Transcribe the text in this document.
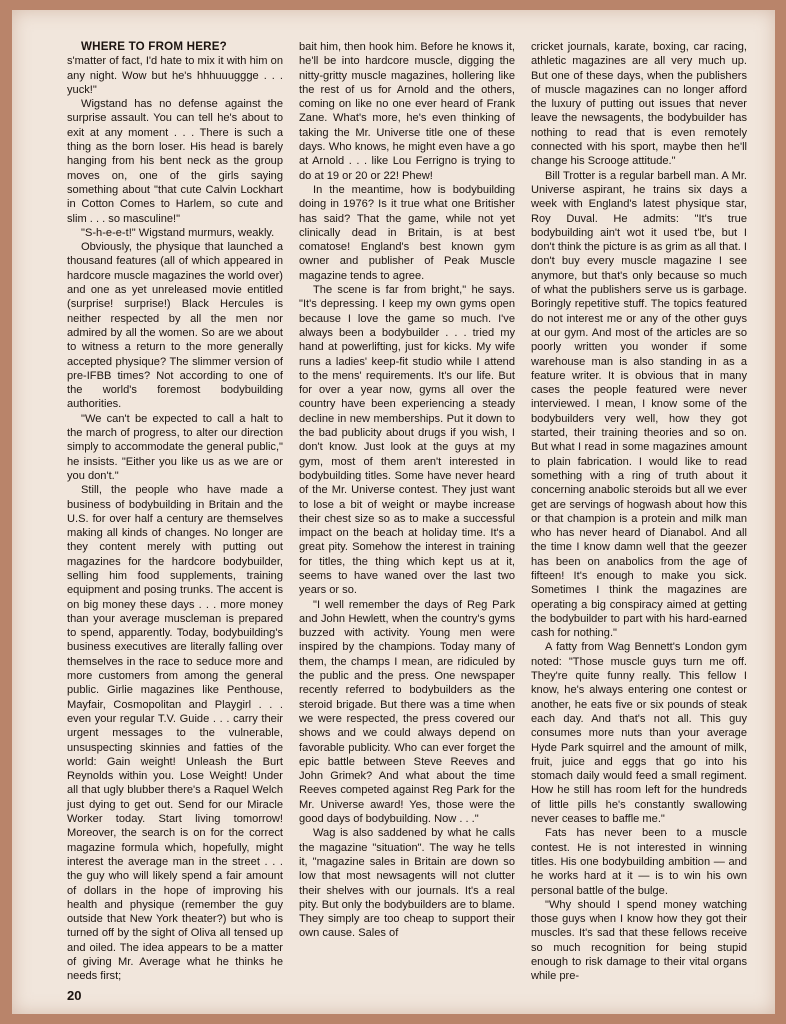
WHERE TO FROM HERE?

s'matter of fact, I'd hate to mix it with him on any night. Wow but he's hhhuuuggge . . . yuck!"

Wigstand has no defense against the surprise assault. You can tell he's about to exit at any moment . . . There is such a thing as the born loser. His head is barely hanging from his bent neck as the group moves on, one of the girls saying something about "that cute Calvin Lockhart in Cotton Comes to Harlem, so cute and slim . . . so masculine!"

"S-h-e-e-t!" Wigstand murmurs, weakly.

Obviously, the physique that launched a thousand features (all of which appeared in hardcore muscle magazines the world over) and one as yet unreleased movie entitled (surprise! surprise!) Black Hercules is neither respected by all the men nor admired by all the women. So are we about to witness a return to the more generally accepted physique? The slimmer version of pre-IFBB times? Not according to one of the world's foremost bodybuilding authorities.

"We can't be expected to call a halt to the march of progress, to alter our direction simply to accommodate the general public," he insists. "Either you like us as we are or you don't."

Still, the people who have made a business of bodybuilding in Britain and the U.S. for over half a century are themselves making all kinds of changes. No longer are they content merely with putting out magazines for the hardcore bodybuilder, selling him food supplements, training equipment and posing trunks. The accent is on big money these days . . . more money than your average muscleman is prepared to spend, apparently. Today, bodybuilding's business executives are literally falling over themselves in the race to seduce more and more customers from among the general public. Girlie magazines like Penthouse, Mayfair, Cosmopolitan and Playgirl . . . even your regular T.V. Guide . . . carry their urgent messages to the vulnerable, unsuspecting skinnies and fatties of the world: Gain weight! Unleash the Burt Reynolds within you. Lose Weight! Under all that ugly blubber there's a Raquel Welch just dying to get out. Send for our Miracle Worker today. Start living tomorrow! Moreover, the search is on for the correct magazine formula which, hopefully, might interest the average man in the street . . . the guy who will likely spend a fair amount of dollars in the hope of improving his health and physique (remember the guy outside that New York theater?) but who is turned off by the sight of Oliva all tensed up and oiled. The idea appears to be a matter of giving Mr. Average what he thinks he needs first;

bait him, then hook him. Before he knows it, he'll be into hardcore muscle, digging the nitty-gritty muscle magazines, hollering like the rest of us for Arnold and the others, coming on like no one ever heard of Frank Zane. What's more, he's even thinking of taking the Mr. Universe title one of these days. Who knows, he might even have a go at Arnold . . . like Lou Ferrigno is trying to do at 19 or 20 or 22! Phew!

In the meantime, how is bodybuilding doing in 1976? Is it true what one Britisher has said? That the game, while not yet clinically dead in Britain, is at best comatose! England's best known gym owner and publisher of Peak Muscle magazine tends to agree.

The scene is far from bright," he says. "It's depressing. I keep my own gyms open because I love the game so much. I've always been a bodybuilder . . . tried my hand at powerlifting, just for kicks. My wife runs a ladies' keep-fit studio while I attend to the mens' requirements. It's our life. But for over a year now, gyms all over the country have been experiencing a steady decline in new memberships. Put it down to the bad publicity about drugs if you wish, I don't know. Just look at the guys at my gym, most of them aren't interested in bodybuilding titles. Some have never heard of the Mr. Universe contest. They just want to lose a bit of weight or maybe increase their chest size so as to make a successful impact on the beach at holiday time. It's a great pity. Somehow the interest in training for titles, the thing which kept us at it, seems to have waned over the last two years or so.

"I well remember the days of Reg Park and John Hewlett, when the country's gyms buzzed with activity. Young men were inspired by the champions. Today many of them, the champs I mean, are ridiculed by the public and the press. One newspaper recently referred to bodybuilders as the steroid brigade. But there was a time when we were respected, the press covered our shows and we could always depend on favorable publicity. Who can ever forget the epic battle between Steve Reeves and John Grimek? And what about the time Reeves competed against Reg Park for the Mr. Universe award! Yes, those were the good days of bodybuilding. Now . . ."

Wag is also saddened by what he calls the magazine "situation". The way he tells it, "magazine sales in Britain are down so low that most newsagents will not clutter their shelves with our journals. It's a real pity. But only the bodybuilders are to blame. They simply are too cheap to support their own cause. Sales of

cricket journals, karate, boxing, car racing, athletic magazines are all very much up. But one of these days, when the publishers of muscle magazines can no longer afford the luxury of putting out issues that never leave the newsagents, the bodybuilder has nothing to read that is even remotely connected with his sport, maybe then he'll change his Scrooge attitude."

Bill Trotter is a regular barbell man. A Mr. Universe aspirant, he trains six days a week with England's latest physique star, Roy Duval. He admits: "It's true bodybuilding ain't wot it used t'be, but I don't think the picture is as grim as all that. I don't buy every muscle magazine I see anymore, but that's only because so much of what the publishers serve us is garbage. Boringly repetitive stuff. The topics featured do not interest me or any of the other guys at our gym. And most of the articles are so poorly written you wonder if some warehouse man is also standing in as a feature writer. It is obvious that in many cases the people featured were never interviewed. I mean, I know some of the bodybuilders very well, how they got started, their training theories and so on. But what I read in some magazines amount to plain fabrication. I would like to read something with a ring of truth about it concerning anabolic steroids but all we ever get are servings of hogwash about how this or that champion is a protein and milk man who has never heard of Dianabol. And all the time I know damn well that the geezer has been on anabolics from the age of fifteen! It's enough to make you sick. Sometimes I think the magazines are operating a big conspiracy aimed at getting the bodybuilder to part with his hard-earned cash for nothing."

A fatty from Wag Bennett's London gym noted: "Those muscle guys turn me off. They're quite funny really. This fellow I know, he's always entering one contest or another, he eats five or six pounds of steak each day. And that's not all. This guy consumes more nuts than your average Hyde Park squirrel and the amount of milk, fruit, juice and eggs that go into his stomach daily would feed a small regiment. How he still has room left for the hundreds of little pills he's constantly swallowing never ceases to baffle me."

Fats has never been to a muscle contest. He is not interested in winning titles. His one bodybuilding ambition — and he works hard at it — is to win his own personal battle of the bulge.

"Why should I spend money watching those guys when I know how they got their muscles. It's sad that these fellows receive so much recognition for being stupid enough to risk damage to their vital organs while pre-

20
